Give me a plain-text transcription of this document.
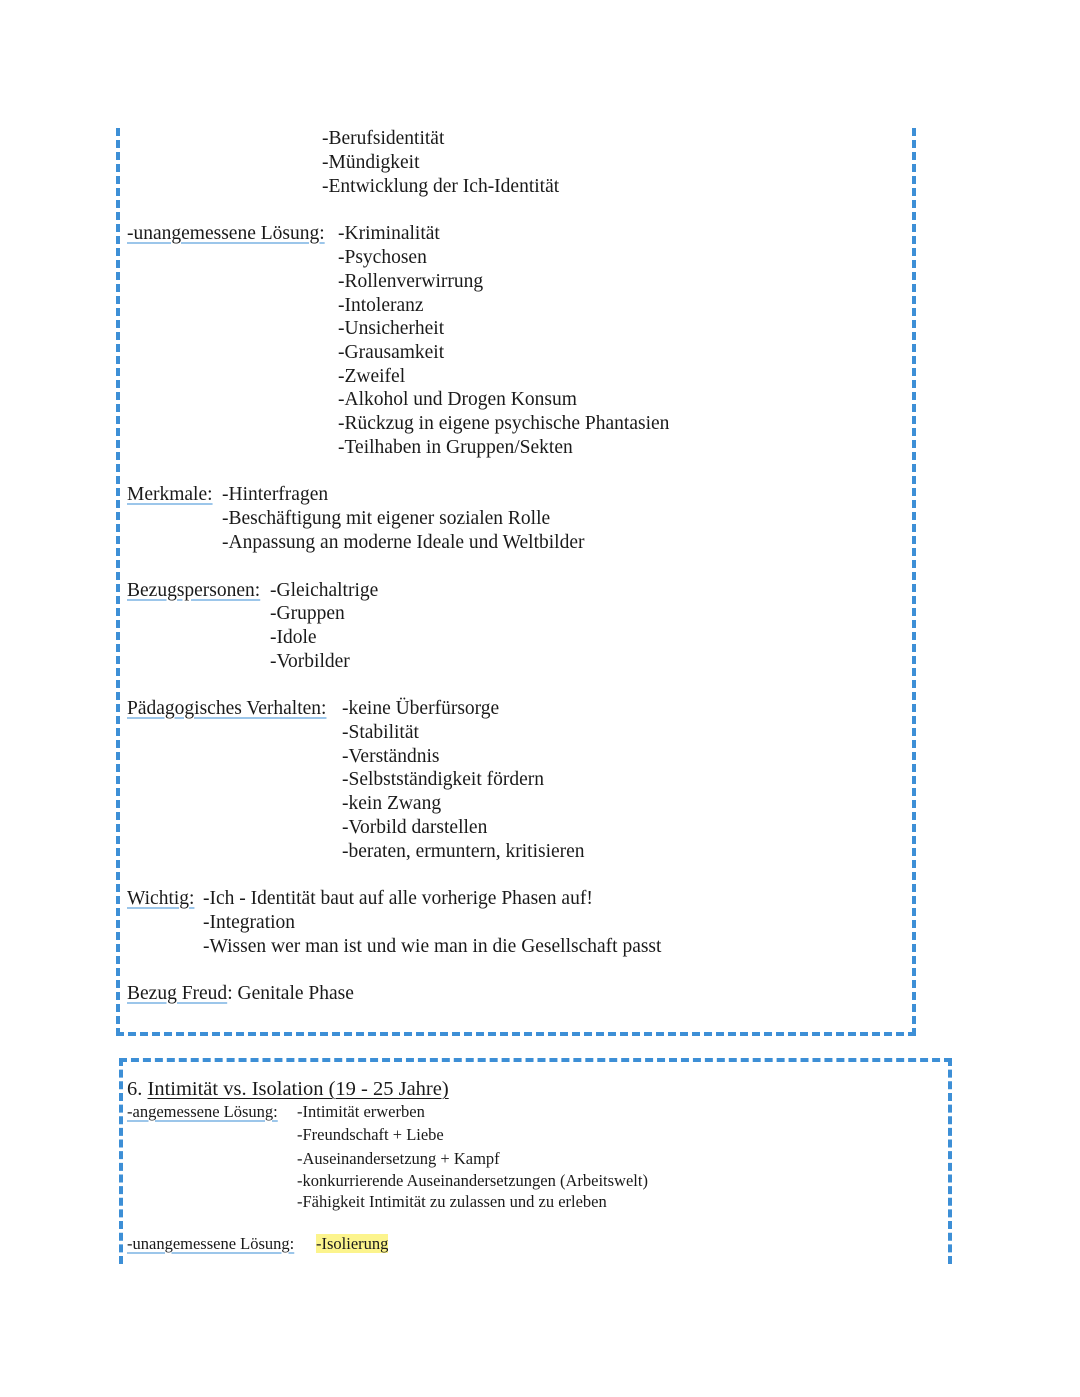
-Berufsidentität
-Mündigkeit
-Entwicklung der Ich-Identität
-unangemessene Lösung: -Kriminalität
-Psychosen
-Rollenverwirrung
-Intoleranz
-Unsicherheit
-Grausamkeit
-Zweifel
-Alkohol und Drogen Konsum
-Rückzug in eigene psychische Phantasien
-Teilhaben in Gruppen/Sekten
Merkmale: -Hinterfragen
-Beschäftigung mit eigener sozialen Rolle
-Anpassung an moderne Ideale und Weltbilder
Bezugspersonen: -Gleichaltrige
-Gruppen
-Idole
-Vorbilder
Pädagogisches Verhalten: -keine Überfürsorge
-Stabilität
-Verständnis
-Selbstständigkeit fördern
-kein Zwang
-Vorbild darstellen
-beraten, ermuntern, kritisieren
Wichtig: -Ich - Identität baut auf alle vorherige Phasen auf!
-Integration
-Wissen wer man ist und wie man in die Gesellschaft passt
Bezug Freud: Genitale Phase
6. Intimität vs. Isolation (19 - 25 Jahre)
-angemessene Lösung: -Intimität erwerben
-Freundschaft + Liebe
-Auseinandersetzung + Kampf
-konkurrierende Auseinandersetzungen (Arbeitswelt)
-Fähigkeit Intimität zu zulassen und zu erleben
-unangemessene Lösung: -Isolierung
